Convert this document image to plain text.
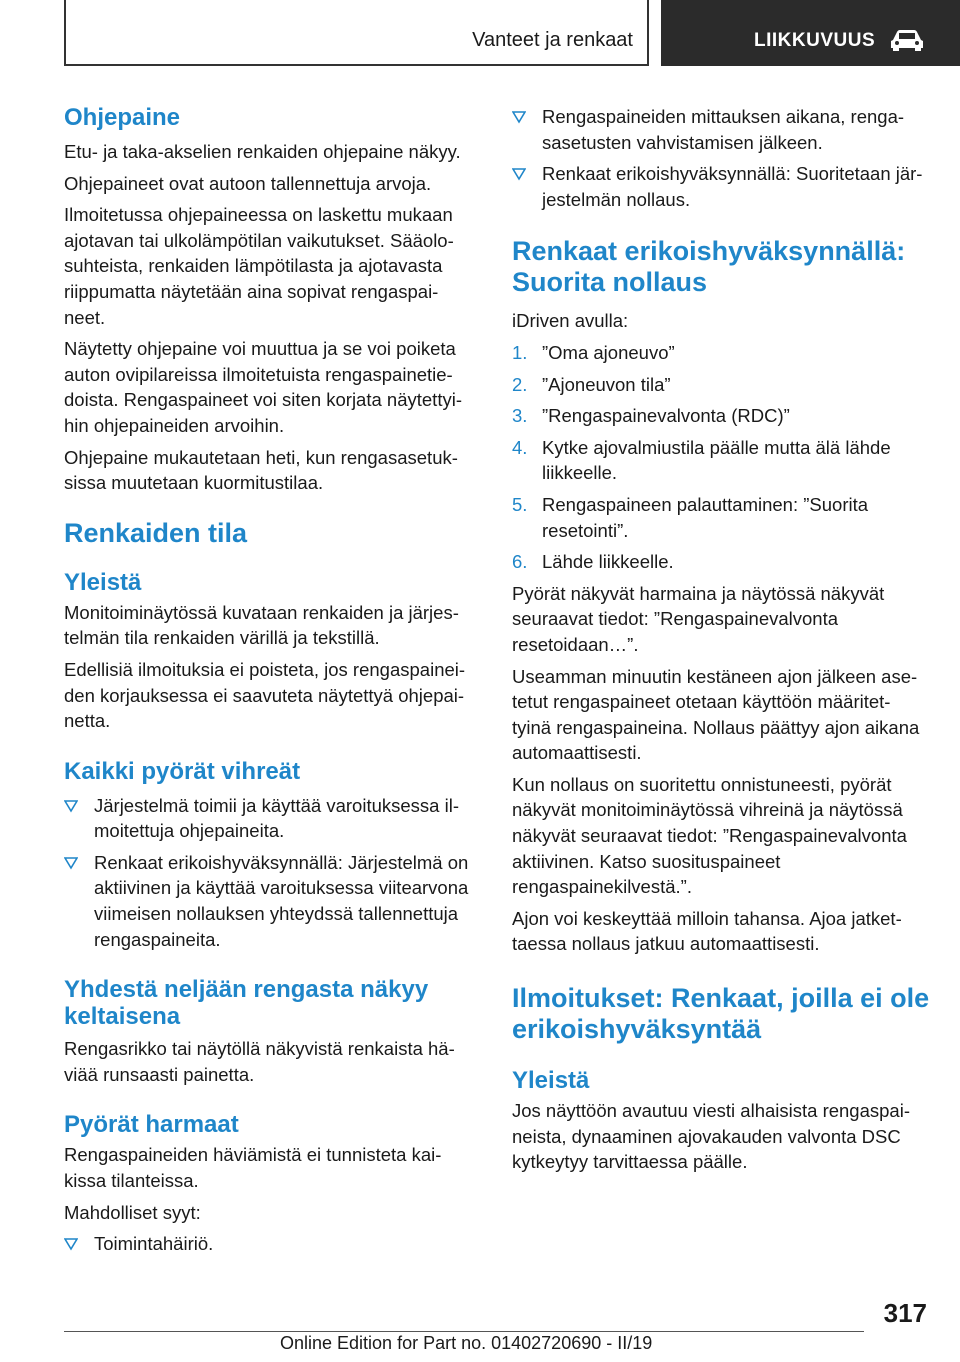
Vanteet ja renkaat	LIIKKUVUUS
Ohjepaine
Etu- ja taka-akselien renkaiden ohjepaine näkyy.
Ohjepaineet ovat autoon tallennettuja arvoja.
Ilmoitetussa ohjepaineessa on laskettu mukaan
ajotavan tai ulkolämpötilan vaikutukset. Sääolo-
suhteista, renkaiden lämpötilasta ja ajotavasta
riippumatta näytetään aina sopivat rengaspai-
neet.
Näytetty ohjepaine voi muuttua ja se voi poiketa
auton ovipilareissa ilmoitetuista rengaspainetie-
doista. Rengaspaineet voi siten korjata näytettyi-
hin ohjepaineiden arvoihin.
Ohjepaine mukautetaan heti, kun rengasasetuk-
sissa muutetaan kuormitustilaa.
Renkaiden tila
Yleistä
Monitoiminäytössä kuvataan renkaiden ja järjes-
telmän tila renkaiden värillä ja tekstillä.
Edellisiä ilmoituksia ei poisteta, jos rengaspainei-
den korjauksessa ei saavuteta näytettyä ohjepai-
netta.
Kaikki pyörät vihreät
Järjestelmä toimii ja käyttää varoituksessa il-
moitettuja ohjepaineita.
Renkaat erikoishyväksynnällä: Järjestelmä on
aktiivinen ja käyttää varoituksessa viitearvona
viimeisen nollauksen yhteydssä tallennettuja
rengaspaineita.
Yhdestä neljään rengasta näkyy
keltaisena
Rengasrikko tai näytöllä näkyvistä renkaista hä-
viää runsaasti painetta.
Pyörät harmaat
Rengaspaineiden häviämistä ei tunnisteta kai-
kissa tilanteissa.
Mahdolliset syyt:
Toimintahäiriö.
Rengaspaineiden mittauksen aikana, renga-
sasetusten vahvistamisen jälkeen.
Renkaat erikoishyväksynnällä: Suoritetaan jär-
jestelmän nollaus.
Renkaat erikoishyväksynnällä:
Suorita nollaus
iDriven avulla:
1. ”Oma ajoneuvo”
2. ”Ajoneuvon tila”
3. ”Rengaspainevalvonta (RDC)”
4. Kytke ajovalmiustila päälle mutta älä lähde
liikkeelle.
5. Rengaspaineen palauttaminen: ”Suorita
resetointi”.
6. Lähde liikkeelle.
Pyörät näkyvät harmaina ja näytössä näkyvät
seuraavat tiedot: ”Rengaspainevalvonta
resetoidaan…”.
Useamman minuutin kestäneen ajon jälkeen ase-
tetut rengaspaineet otetaan käyttöön määritet-
tyinä rengaspaineina. Nollaus päättyy ajon aikana
automaattisesti.
Kun nollaus on suoritettu onnistuneesti, pyörät
näkyvät monitoiminäytössä vihreinä ja näytössä
näkyvät seuraavat tiedot: ”Rengaspainevalvonta
aktiivinen. Katso suosituspaineet
rengaspainekilvestä.”.
Ajon voi keskeyttää milloin tahansa. Ajoa jatket-
taessa nollaus jatkuu automaattisesti.
Ilmoitukset: Renkaat, joilla ei ole
erikoishyväksyntää
Yleistä
Jos näyttöön avautuu viesti alhaisista rengaspai-
neista, dynaaminen ajovakauden valvonta DSC
kytkeytyy tarvittaessa päälle.
317
Online Edition for Part no. 01402720690 - II/19
